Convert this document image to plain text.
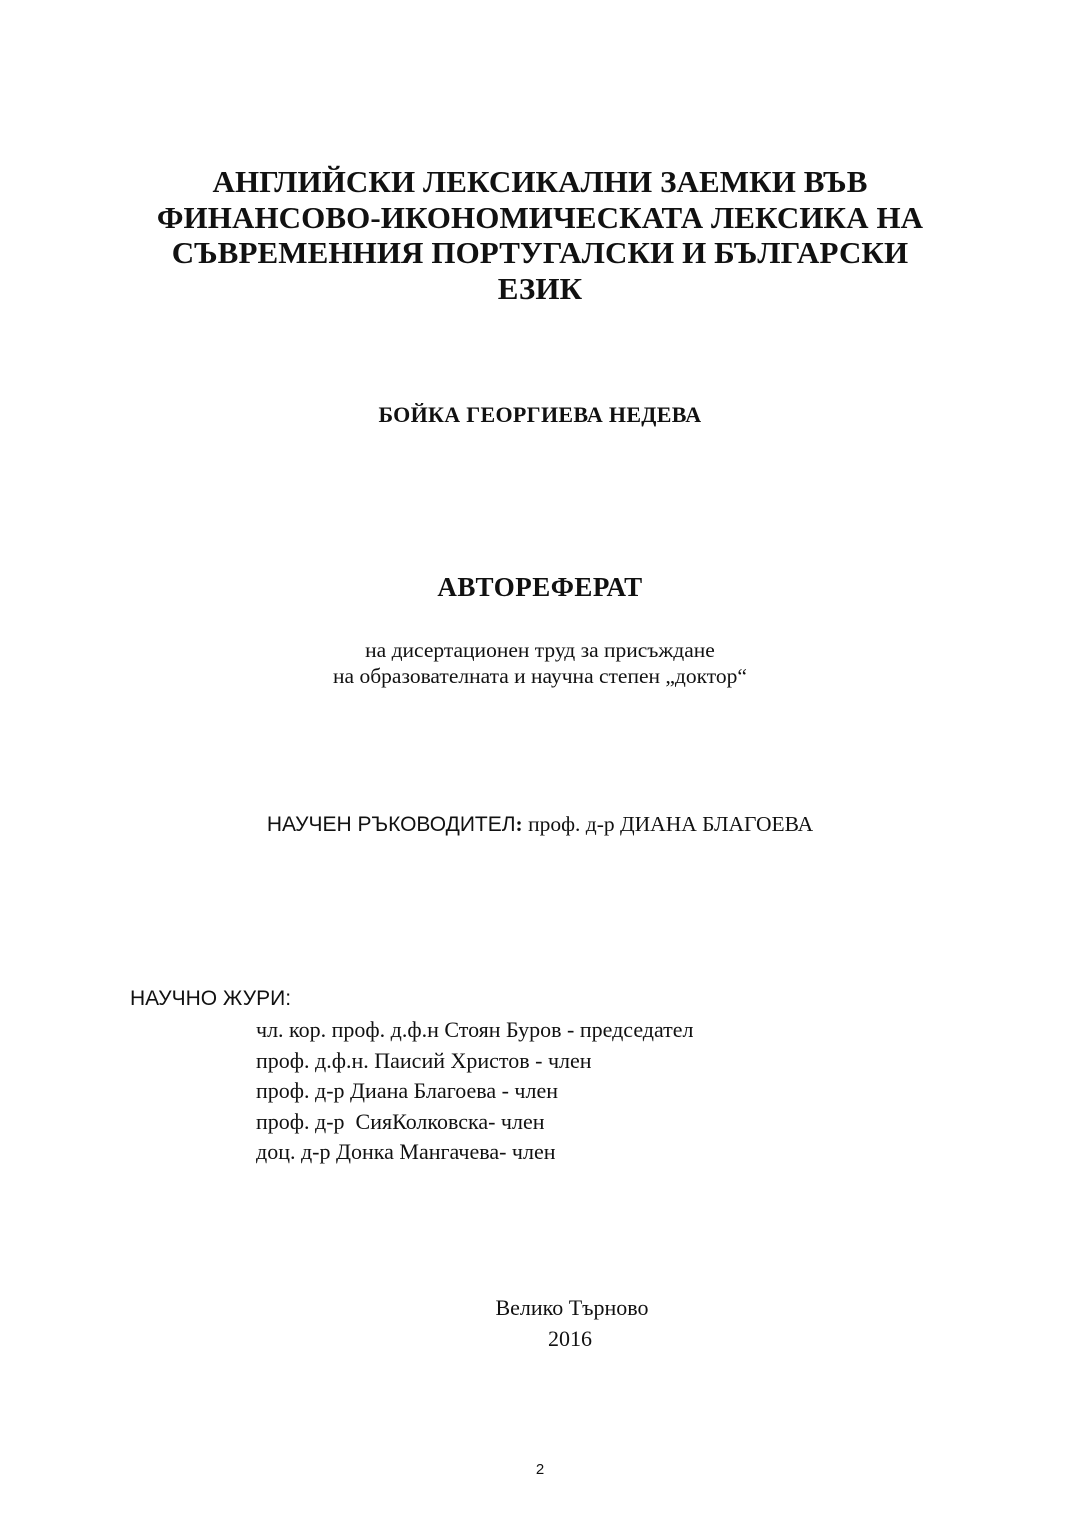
АНГЛИЙСКИ ЛЕКСИКАЛНИ ЗАЕМКИ ВЪВ
ФИНАНСОВО-ИКОНОМИЧЕСКАТА ЛЕКСИКА НА
СЪВРЕМЕННИЯ ПОРТУГАЛСКИ И БЪЛГАРСКИ
ЕЗИК
БОЙКА ГЕОРГИЕВА НЕДЕВА
АВТОРЕФЕРАТ
на дисертационен труд за присъждане
на образователната и научна степен „доктор“
НАУЧЕН РЪКОВОДИТЕЛ: проф. д-р ДИАНА БЛАГОЕВА
НАУЧНО ЖУРИ:
чл. кор. проф. д.ф.н Стоян Буров - председател
проф. д.ф.н. Паисий Христов - член
проф. д-р Диана Благоева - член
проф. д-р  СияКолковска- член
доц. д-р Донка Мангачева- член
Велико Търново
2016
2
